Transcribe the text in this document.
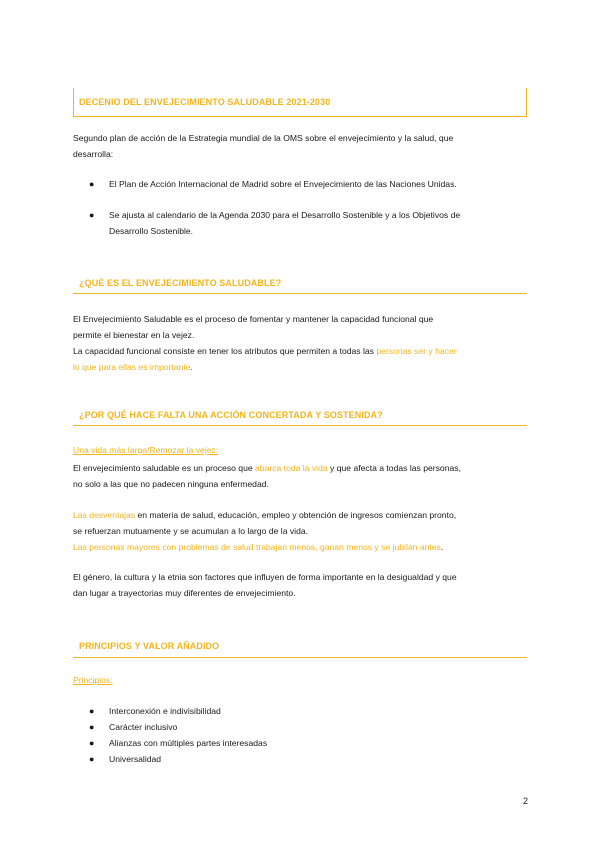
DECENIO DEL ENVEJECIMIENTO SALUDABLE 2021-2030
Segundo plan de acción de la Estrategia mundial de la OMS sobre el envejecimiento y la salud, que
desarrolla:
● El Plan de Acción Internacional de Madrid sobre el Envejecimiento de las Naciones Unidas.
● Se ajusta al calendario de la Agenda 2030 para el Desarrollo Sostenible y a los Objetivos de
Desarrollo Sostenible.
¿QUÉ ES EL ENVEJECIMIENTO SALUDABLE?
El Envejecimiento Saludable es el proceso de fomentar y mantener la capacidad funcional que
permite el bienestar en la vejez.
La capacidad funcional consiste en tener los atributos que permiten a todas las personas ser y hacer
lo que para ellas es importante.
¿POR QUÉ HACE FALTA UNA ACCIÓN CONCERTADA Y SOSTENIDA?
Una vida más larga/Remozar la vejez:
El envejecimiento saludable es un proceso que abarca toda la vida y que afecta a todas las personas,
no solo a las que no padecen ninguna enfermedad.
Las desventajas en materia de salud, educación, empleo y obtención de ingresos comienzan pronto,
se refuerzan mutuamente y se acumulan a lo largo de la vida.
Las personas mayores con problemas de salud trabajan menos, ganan menos y se jubilan antes.
El género, la cultura y la etnia son factores que influyen de forma importante en la desigualdad y que
dan lugar a trayectorias muy diferentes de envejecimiento.
PRINCIPIOS Y VALOR AÑADIDO
Principios:
● Interconexión e indivisibilidad
● Carácter inclusivo
● Alianzas con múltiples partes interesadas
● Universalidad
2
